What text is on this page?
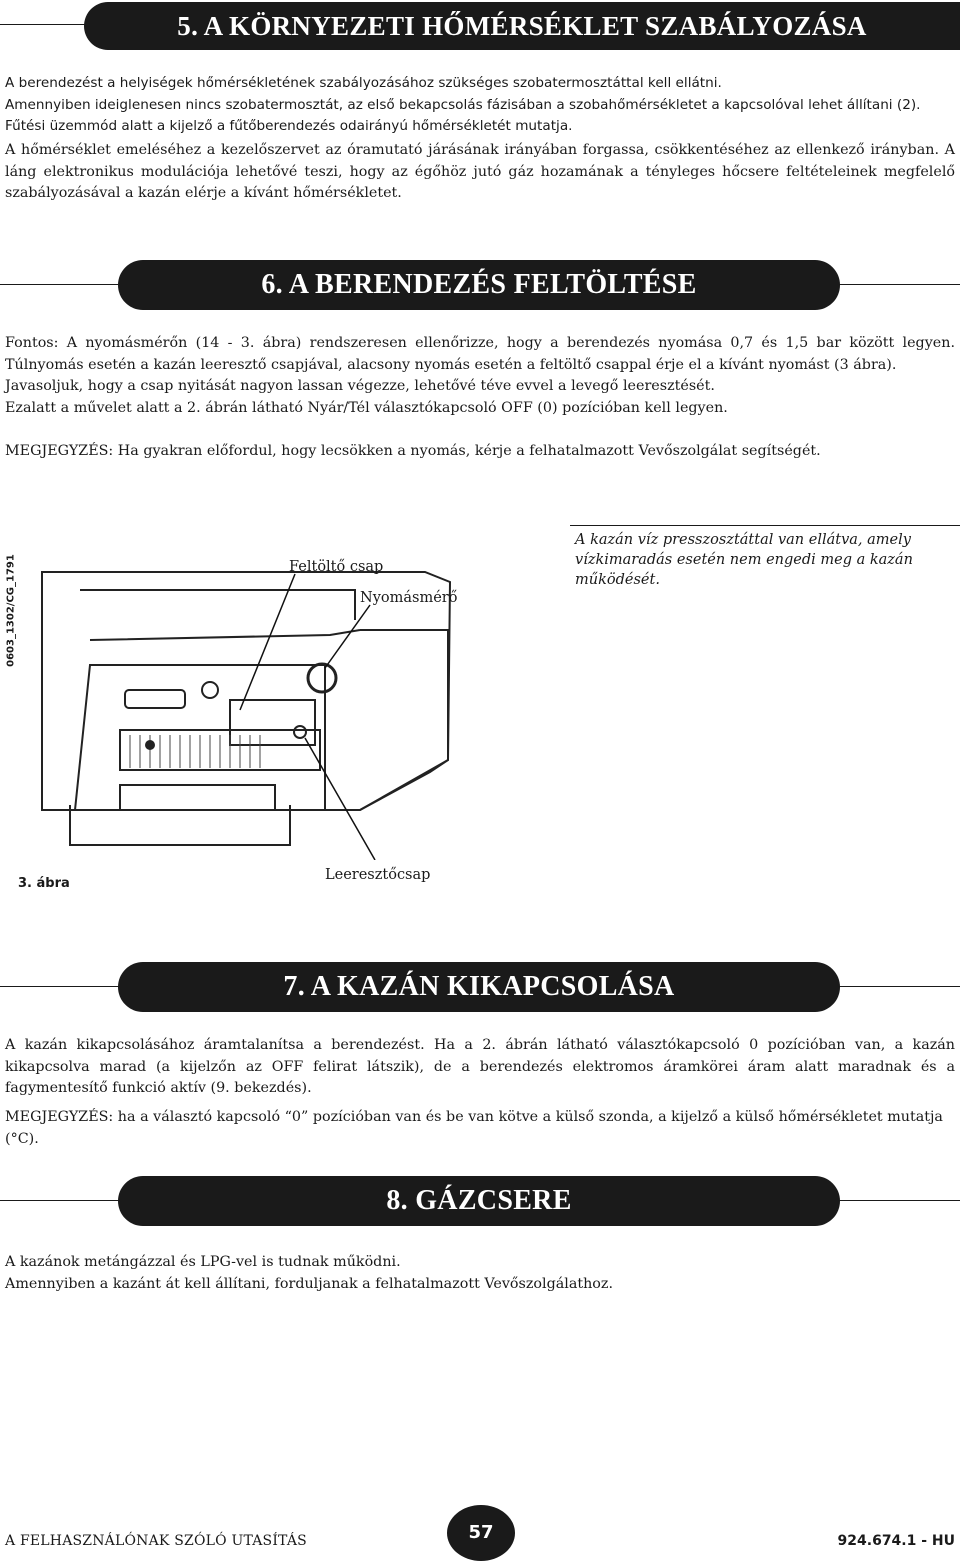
5. A KÖRNYEZETI HŐMÉRSÉKLET SZABÁLYOZÁSA

A berendezést a helyiségek hőmérsékletének szabályozásához szükséges szobatermosztáttal kell ellátni.

Amennyiben ideiglenesen nincs szobatermosztát, az első bekapcsolás fázisában a szobahőmérsékletet a kapcsolóval lehet állítani (2).

Fűtési üzemmód alatt a kijelző a fűtőberendezés odairányú hőmérsékletét mutatja.

A hőmérséklet emeléséhez a kezelőszervet az óramutató járásának irányában forgassa, csökkentéséhez az ellenkező irányban. A láng elektronikus modulációja lehetővé teszi, hogy az égőhöz jutó gáz hozamának a tényleges hőcsere feltételeinek megfelelő szabályozásával a kazán elérje a kívánt hőmérsékletet.

6. A BERENDEZÉS FELTÖLTÉSE

Fontos: A nyomásmérőn (14 - 3. ábra) rendszeresen ellenőrizze, hogy a berendezés nyomása 0,7 és 1,5 bar között legyen. Túlnyomás esetén a kazán leeresztő csapjával, alacsony nyomás esetén a feltöltő csappal érje el a kívánt nyomást (3 ábra).

Javasoljuk, hogy a csap nyitását nagyon lassan végezze, lehetővé téve evvel a levegő leeresztését.

Ezalatt a művelet alatt a 2. ábrán látható Nyár/Tél választókapcsoló OFF (0) pozícióban kell legyen.

MEGJEGYZÉS: Ha gyakran előfordul, hogy lecsökken a nyomás, kérje a felhatalmazott Vevőszolgálat segítségét.

0603_1302/CG_1791	Feltöltő csap
Nyomásmérő
Leeresztőcsap
3. ábra
A kazán víz presszosztáttal van ellátva, amely vízkimaradás esetén nem engedi meg a kazán működését.
7. A KAZÁN KIKAPCSOLÁSA

A kazán kikapcsolásához áramtalanítsa a berendezést. Ha a 2. ábrán látható választókapcsoló 0 pozícióban van, a kazán kikapcsolva marad (a kijelzőn az OFF felirat látszik), de a berendezés elektromos áramkörei áram alatt maradnak és a fagymentesítő funkció aktív (9. bekezdés).

MEGJEGYZÉS: ha a választó kapcsoló “0” pozícióban van és be van kötve a külső szonda, a kijelző a külső hőmérsékletet mutatja (°C).

8. GÁZCSERE

A kazánok metángázzal és LPG-vel is tudnak működni.

Amennyiben a kazánt át kell állítani, forduljanak a felhatalmazott Vevőszolgálathoz.

A FELHASZNÁLÓNAK SZÓLÓ UTASÍTÁS	57	924.674.1 - HU
